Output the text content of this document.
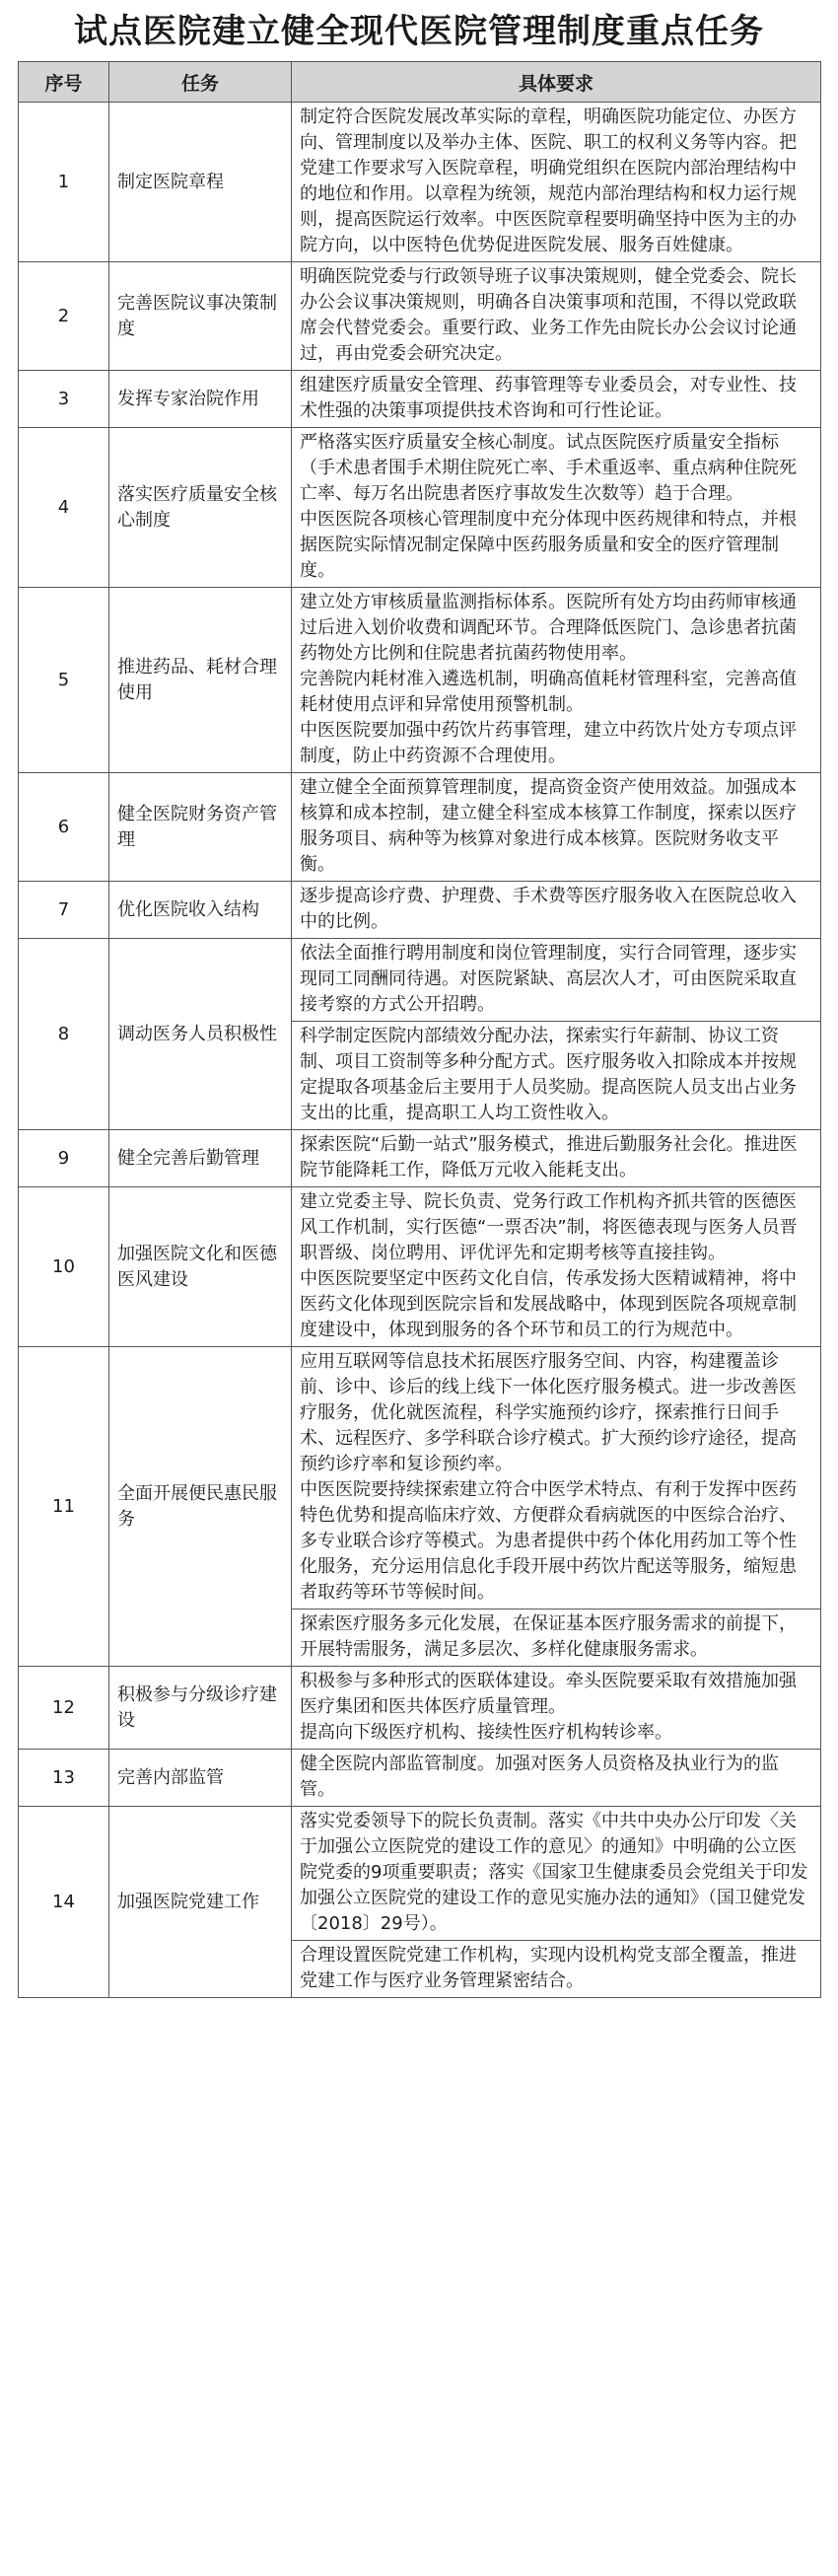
试点医院建立健全现代医院管理制度重点任务
序号	任务	具体要求
1	制定医院章程	制定符合医院发展改革实际的章程，明确医院功能定位、办医方向、管理制度以及举办主体、医院、职工的权利义务等内容。把党建工作要求写入医院章程，明确党组织在医院内部治理结构中的地位和作用。以章程为统领，规范内部治理结构和权力运行规则，提高医院运行效率。中医医院章程要明确坚持中医为主的办院方向，以中医特色优势促进医院发展、服务百姓健康。
2	完善医院议事决策制度	明确医院党委与行政领导班子议事决策规则，健全党委会、院长办公会议事决策规则，明确各自决策事项和范围，不得以党政联席会代替党委会。重要行政、业务工作先由院长办公会议讨论通过，再由党委会研究决定。
3	发挥专家治院作用	组建医疗质量安全管理、药事管理等专业委员会，对专业性、技术性强的决策事项提供技术咨询和可行性论证。
4	落实医疗质量安全核心制度	严格落实医疗质量安全核心制度。试点医院医疗质量安全指标（手术患者围手术期住院死亡率、手术重返率、重点病种住院死亡率、每万名出院患者医疗事故发生次数等）趋于合理。
中医医院各项核心管理制度中充分体现中医药规律和特点，并根据医院实际情况制定保障中医药服务质量和安全的医疗管理制度。
5	推进药品、耗材合理使用	建立处方审核质量监测指标体系。医院所有处方均由药师审核通过后进入划价收费和调配环节。合理降低医院门、急诊患者抗菌药物处方比例和住院患者抗菌药物使用率。
完善院内耗材准入遴选机制，明确高值耗材管理科室，完善高值耗材使用点评和异常使用预警机制。
中医医院要加强中药饮片药事管理，建立中药饮片处方专项点评制度，防止中药资源不合理使用。
6	健全医院财务资产管理	建立健全全面预算管理制度，提高资金资产使用效益。加强成本核算和成本控制，建立健全科室成本核算工作制度，探索以医疗服务项目、病种等为核算对象进行成本核算。医院财务收支平衡。
7	优化医院收入结构	逐步提高诊疗费、护理费、手术费等医疗服务收入在医院总收入中的比例。
8	调动医务人员积极性	依法全面推行聘用制度和岗位管理制度，实行合同管理，逐步实现同工同酬同待遇。对医院紧缺、高层次人才，可由医院采取直接考察的方式公开招聘。
		科学制定医院内部绩效分配办法，探索实行年薪制、协议工资制、项目工资制等多种分配方式。医疗服务收入扣除成本并按规定提取各项基金后主要用于人员奖励。提高医院人员支出占业务支出的比重，提高职工人均工资性收入。
9	健全完善后勤管理	探索医院“后勤一站式”服务模式，推进后勤服务社会化。推进医院节能降耗工作，降低万元收入能耗支出。
10	加强医院文化和医德医风建设	建立党委主导、院长负责、党务行政工作机构齐抓共管的医德医风工作机制，实行医德“一票否决”制，将医德表现与医务人员晋职晋级、岗位聘用、评优评先和定期考核等直接挂钩。
中医医院要坚定中医药文化自信，传承发扬大医精诚精神，将中医药文化体现到医院宗旨和发展战略中，体现到医院各项规章制度建设中，体现到服务的各个环节和员工的行为规范中。
11	全面开展便民惠民服务	应用互联网等信息技术拓展医疗服务空间、内容，构建覆盖诊前、诊中、诊后的线上线下一体化医疗服务模式。进一步改善医疗服务，优化就医流程，科学实施预约诊疗，探索推行日间手术、远程医疗、多学科联合诊疗模式。扩大预约诊疗途径，提高预约诊疗率和复诊预约率。
中医医院要持续探索建立符合中医学术特点、有利于发挥中医药特色优势和提高临床疗效、方便群众看病就医的中医综合治疗、多专业联合诊疗等模式。为患者提供中药个体化用药加工等个性化服务，充分运用信息化手段开展中药饮片配送等服务，缩短患者取药等环节等候时间。
		探索医疗服务多元化发展，在保证基本医疗服务需求的前提下，开展特需服务，满足多层次、多样化健康服务需求。
12	积极参与分级诊疗建设	积极参与多种形式的医联体建设。牵头医院要采取有效措施加强医疗集团和医共体医疗质量管理。
提高向下级医疗机构、接续性医疗机构转诊率。
13	完善内部监管	健全医院内部监管制度。加强对医务人员资格及执业行为的监管。
14	加强医院党建工作	落实党委领导下的院长负责制。落实《中共中央办公厅印发〈关于加强公立医院党的建设工作的意见〉的通知》中明确的公立医院党委的9项重要职责；落实《国家卫生健康委员会党组关于印发加强公立医院党的建设工作的意见实施办法的通知》（国卫健党发〔2018〕29号）。
		合理设置医院党建工作机构，实现内设机构党支部全覆盖，推进党建工作与医疗业务管理紧密结合。
